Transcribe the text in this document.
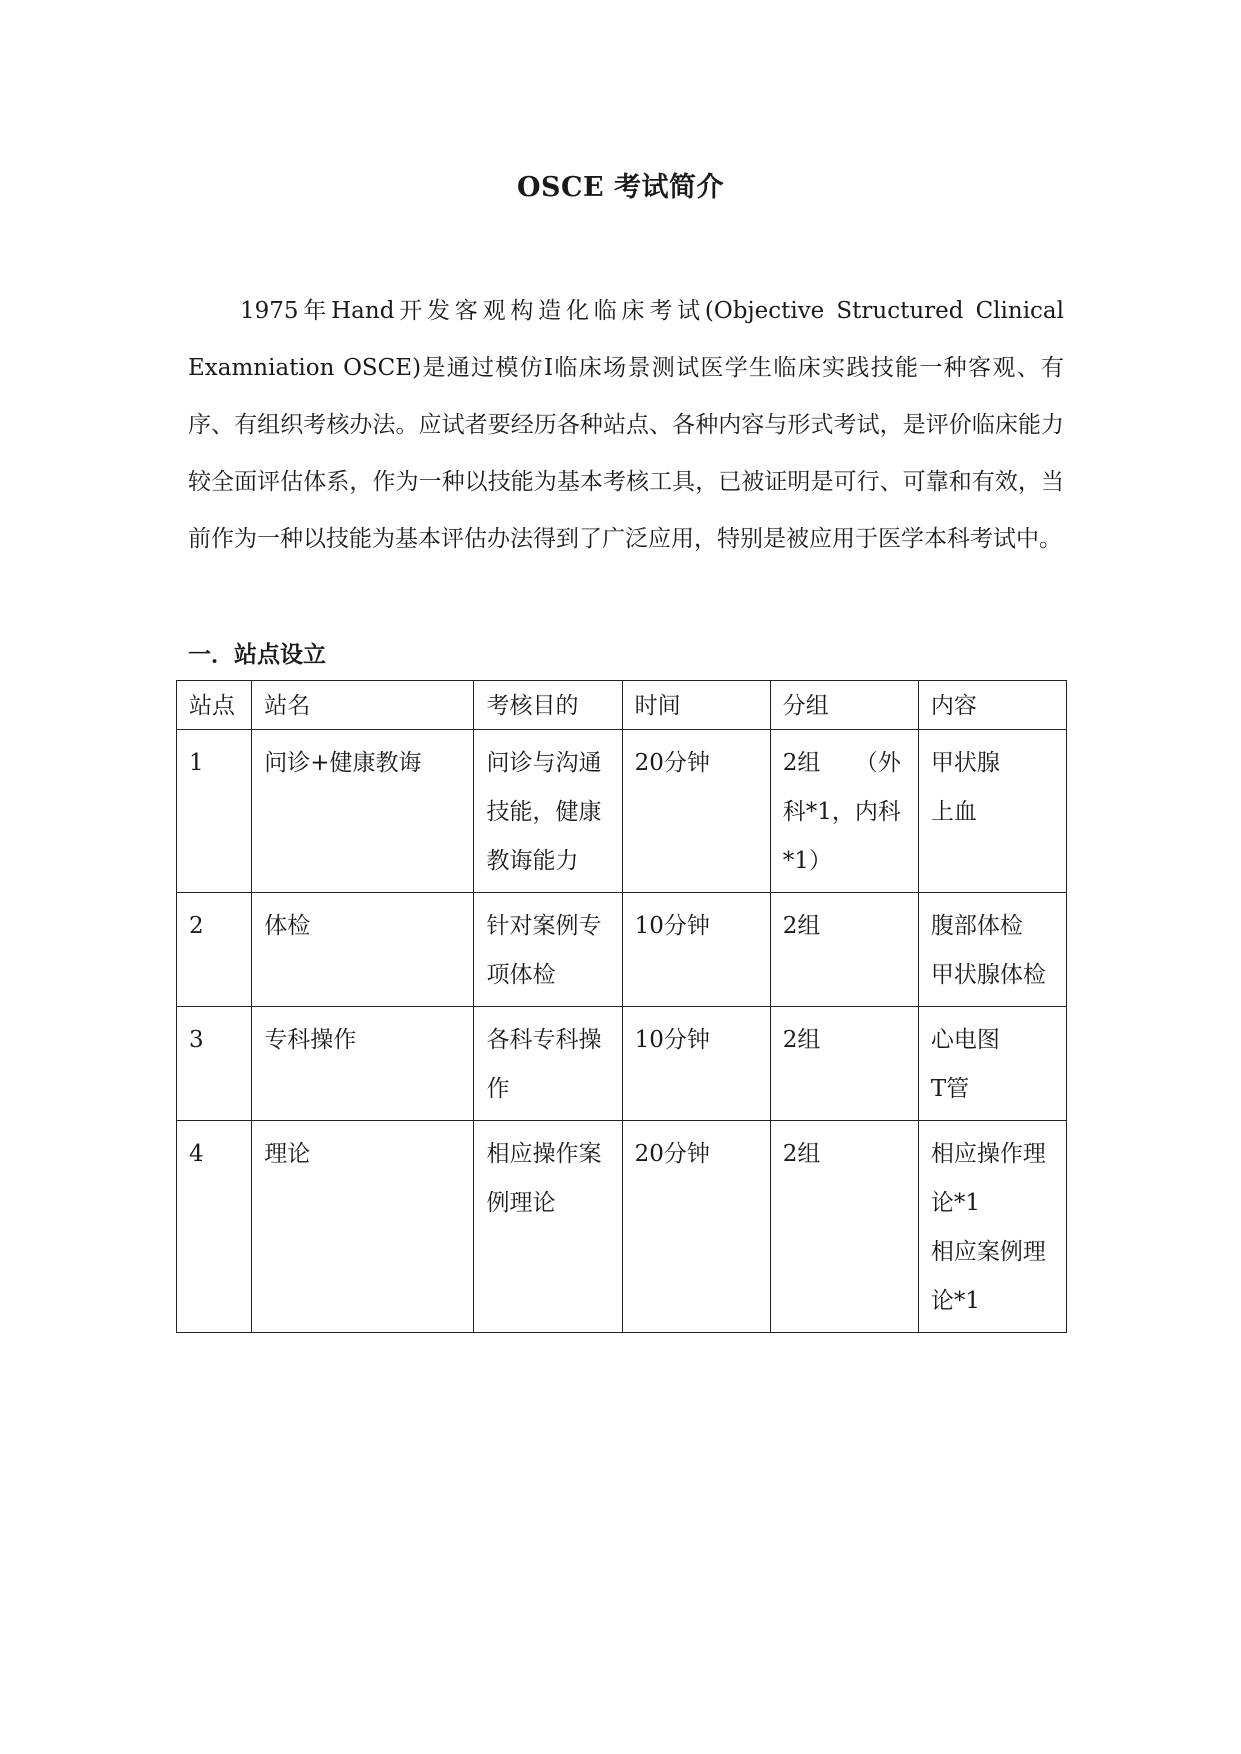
OSCE 考试简介

1975年Hand开发客观构造化临床考试(Objective Structured Clinical Examniation OSCE)是通过模仿I临床场景测试医学生临床实践技能一种客观、有序、有组织考核办法。应试者要经历各种站点、各种内容与形式考试，是评价临床能力较全面评估体系，作为一种以技能为基本考核工具，已被证明是可行、可靠和有效，当前作为一种以技能为基本评估办法得到了广泛应用，特别是被应用于医学本科考试中。

一．站点设立
站点	站名	考核目的	时间	分组	内容
1	问诊+健康教诲	问诊与沟通技能，健康教诲能力	20分钟	2组　　（外科*1，内科*1）	甲状腺
上血

2	体检	针对案例专项体检	10分钟	2组	腹部体检
甲状腺体检

3	专科操作	各科专科操作	10分钟	2组	心电图
T管

4	理论	相应操作案例理论	20分钟	2组	相应操作理论*1
相应案例理论*1
